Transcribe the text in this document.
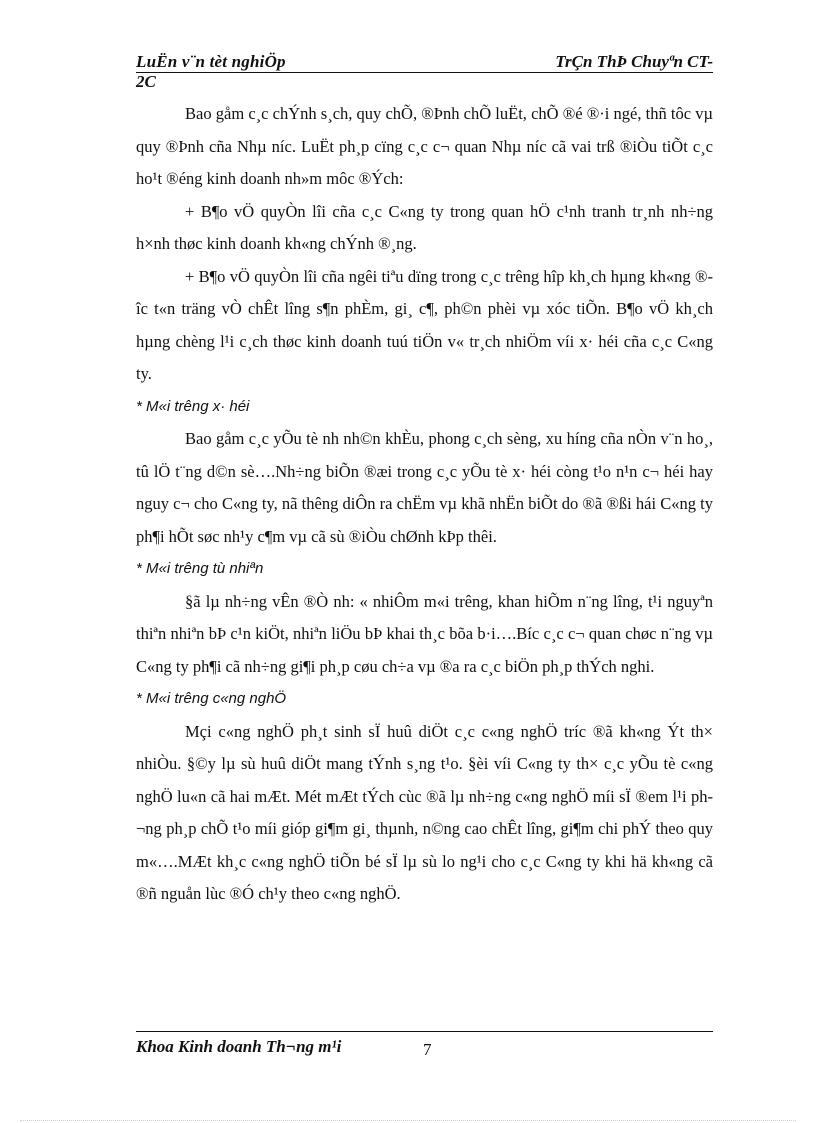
LuËn v¨n tèt nghiÖp	TrÇn ThÞ Chuyªn CT-
2C

Bao gåm c¸c chÝnh s¸ch, quy chÕ, ®Þnh chÕ luËt, chÕ ®é ®·i ngé, thñ tôc vµ quy ®Þnh cña Nhµ níc. LuËt ph¸p cïng c¸c c¬ quan Nhµ níc cã vai trß ®iÒu tiÕt c¸c ho¹t ®éng kinh doanh nh»m môc ®Ých:

+ B¶o vÖ quyÒn lîi cña c¸c C«ng ty trong quan hÖ c¹nh tranh tr¸nh nh÷ng h×nh thøc kinh doanh kh«ng chÝnh ®¸ng.

+ B¶o vÖ quyÒn lîi cña ngêi tiªu dïng trong c¸c trêng hîp kh¸ch hµng kh«ng ®îc t«n träng vÒ chÊt lîng s¶n phÈm, gi¸ c¶, ph©n phèi vµ xóc tiÕn. B¶o vÖ kh¸ch hµng chèng l¹i c¸ch thøc kinh doanh tuú tiÖn v« tr¸ch nhiÖm víi x· héi cña c¸c C«ng ty.

* M«i trêng x· héi

Bao gåm c¸c yÕu tè nh nh©n khÈu, phong c¸ch sèng, xu híng cña nÒn v¨n ho¸, tû lÖ t¨ng d©n sè….Nh÷ng biÕn ®æi trong c¸c yÕu tè x· héi còng t¹o n¹n c¬ héi hay nguy c¬ cho C«ng ty, nã thêng diÔn ra chËm vµ khã nhËn biÕt do ®ã ®ßi hái C«ng ty ph¶i hÕt søc nh¹y c¶m vµ cã sù ®iÒu chØnh kÞp thêi.

* M«i trêng tù nhiªn

§ã lµ nh÷ng vÊn ®Ò nh: « nhiÔm m«i trêng, khan hiÕm n¨ng lîng, t¹i nguyªn thiªn nhiªn bÞ c¹n kiÖt, nhiªn liÖu bÞ khai th¸c bõa b·i….Bíc c¸c c¬ quan chøc n¨ng vµ C«ng ty ph¶i cã nh÷ng gi¶i ph¸p cøu ch÷a vµ ®a ra c¸c biÖn ph¸p thÝch nghi.

* M«i trêng c«ng nghÖ

Mçi c«ng nghÖ ph¸t sinh sÏ huû diÖt c¸c c«ng nghÖ tríc ®ã kh«ng Ýt th× nhiÒu. §©y lµ sù huû diÖt mang tÝnh s¸ng t¹o. §èi víi C«ng ty th× c¸c yÕu tè c«ng nghÖ lu«n cã hai mÆt. Mét mÆt tÝch cùc ®ã lµ nh÷ng c«ng nghÖ míi sÏ ®em l¹i ph¬ng ph¸p chÕ t¹o míi gióp gi¶m gi¸ thµnh, n©ng cao chÊt lîng, gi¶m chi phÝ theo quy m«….MÆt kh¸c c«ng nghÖ tiÕn bé sÏ lµ sù lo ng¹i cho c¸c C«ng ty khi hä kh«ng cã ®ñ nguån lùc ®Ó ch¹y theo c«ng nghÖ.

Khoa Kinh doanh Th¬ng m¹i	7
